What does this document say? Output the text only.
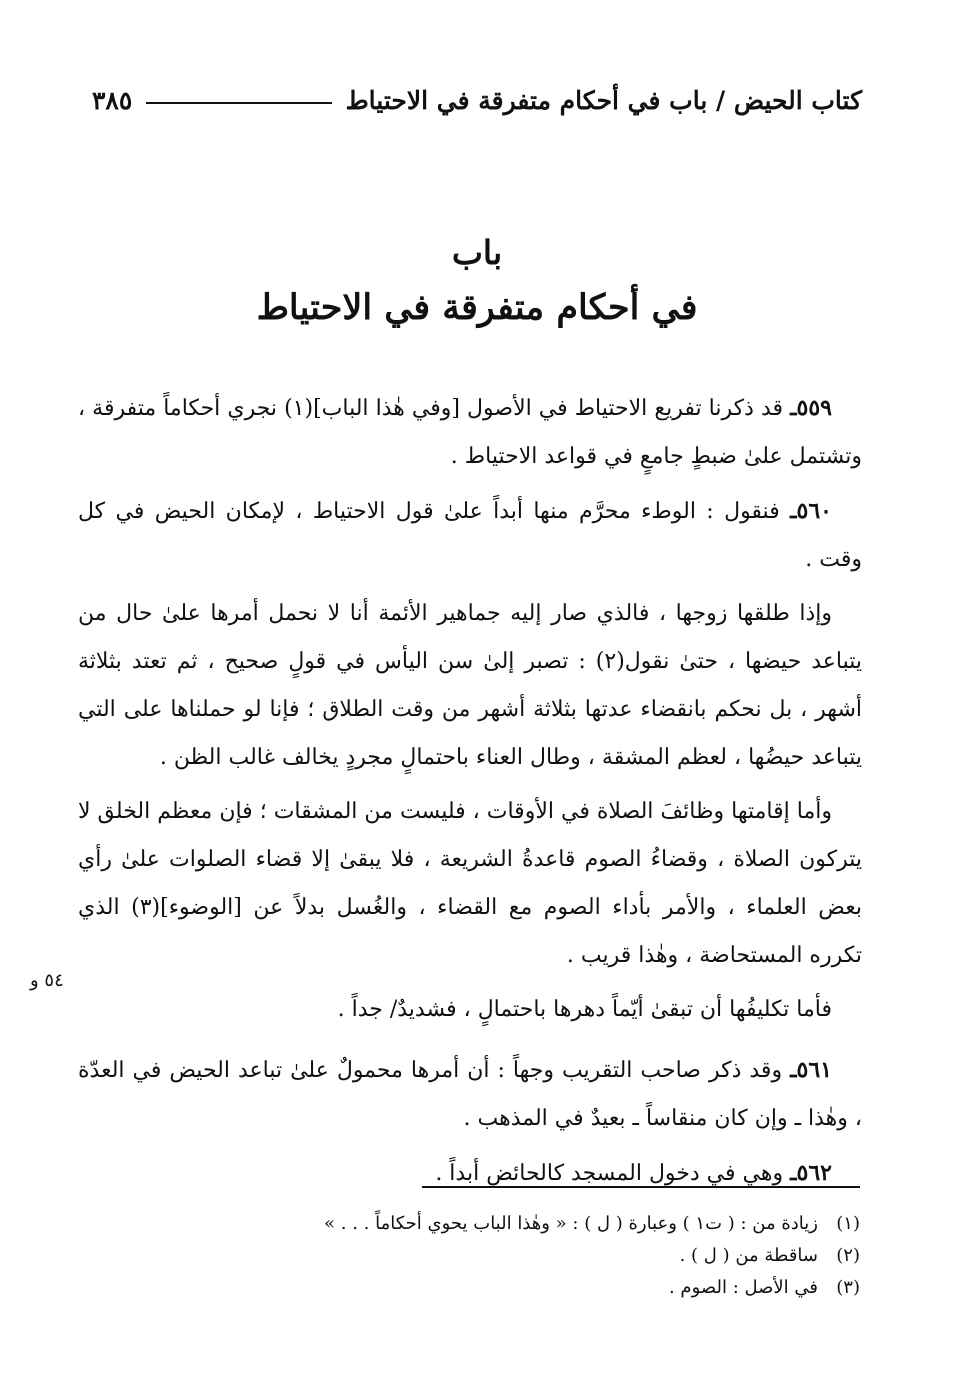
كتاب الحيض / باب في أحكام متفرقة في الاحتياط
٣٨٥
باب
في أحكام متفرقة في الاحتياط

٥٥٩ـ قد ذكرنا تفريع الاحتياط في الأصول [وفي هٰذا الباب](١) نجري أحكاماً متفرقة ، وتشتمل علىٰ ضبطٍ جامعٍ في قواعد الاحتياط .

٥٦٠ـ فنقول : الوطء محرَّم منها أبداً علىٰ قول الاحتياط ، لإمكان الحيض في كل وقت .

وإذا طلقها زوجها ، فالذي صار إليه جماهير الأئمة أنا لا نحمل أمرها علىٰ حال من يتباعد حيضها ، حتىٰ نقول(٢) : تصبر إلىٰ سن اليأس في قولٍ صحيح ، ثم تعتد بثلاثة أشهر ، بل نحكم بانقضاء عدتها بثلاثة أشهر من وقت الطلاق ؛ فإنا لو حملناها على التي يتباعد حيضُها ، لعظم المشقة ، وطال العناء باحتمالٍ مجردٍ يخالف غالب الظن .

وأما إقامتها وظائفَ الصلاة في الأوقات ، فليست من المشقات ؛ فإن معظم الخلق لا يتركون الصلاة ، وقضاءُ الصوم قاعدةُ الشريعة ، فلا يبقىٰ إلا قضاء الصلوات علىٰ رأي بعض العلماء ، والأمر بأداء الصوم مع القضاء ، والغُسل بدلاً عن [الوضوء](٣) الذي تكرره المستحاضة ، وهٰذا قريب .

فأما تكليفُها أن تبقىٰ أيّماً دهرها باحتمالٍ ، فشديدٌ/ جداً .

٥٦١ـ وقد ذكر صاحب التقريب وجهاً : أن أمرها محمولٌ علىٰ تباعد الحيض في العدّة ، وهٰذا ـ وإن كان منقاساً ـ بعيدٌ في المذهب .

٥٦٢ـ وهي في دخول المسجد كالحائض أبداً .

٥٤ و
(١)
زيادة من : ( ت١ ) وعبارة ( ل ) : « وهٰذا الباب يحوي أحكاماً . . . »
(٢)
ساقطة من ( ل ) .
(٣)
في الأصل : الصوم .
